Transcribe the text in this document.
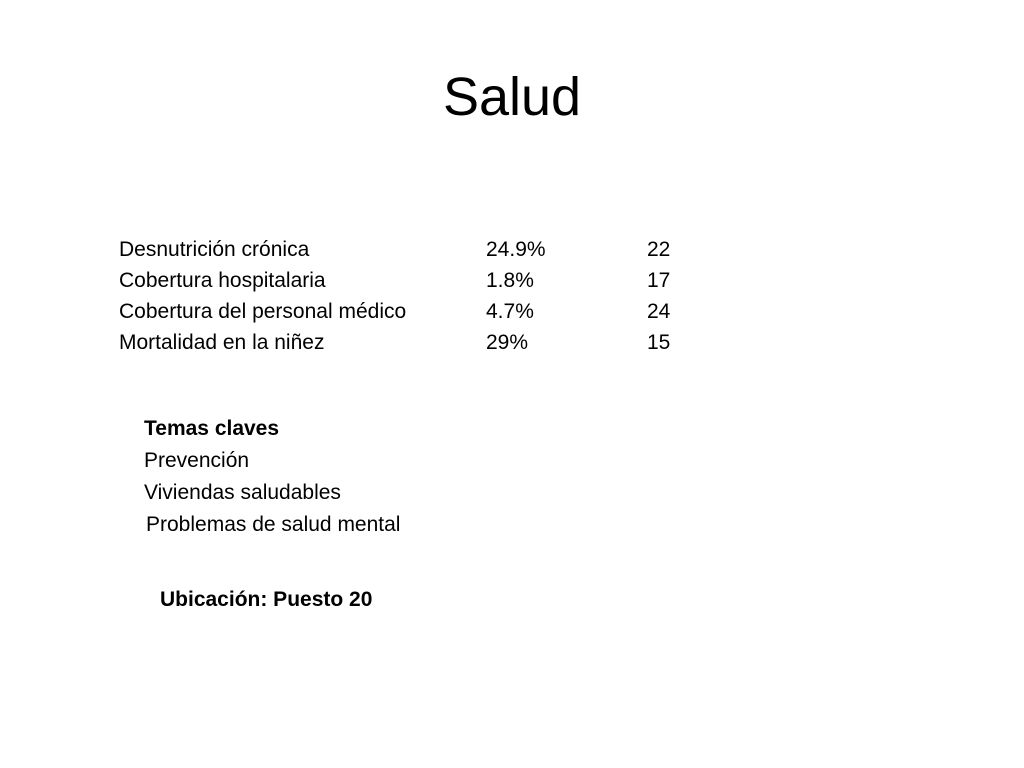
Salud
Desnutrición crónica	24.9%	22
Cobertura hospitalaria	1.8%	17
Cobertura del personal médico	4.7%	24
Mortalidad en la niñez	29%	15

Temas claves

Prevención
Viviendas saludables
Problemas de salud mental

Ubicación: Puesto 20
